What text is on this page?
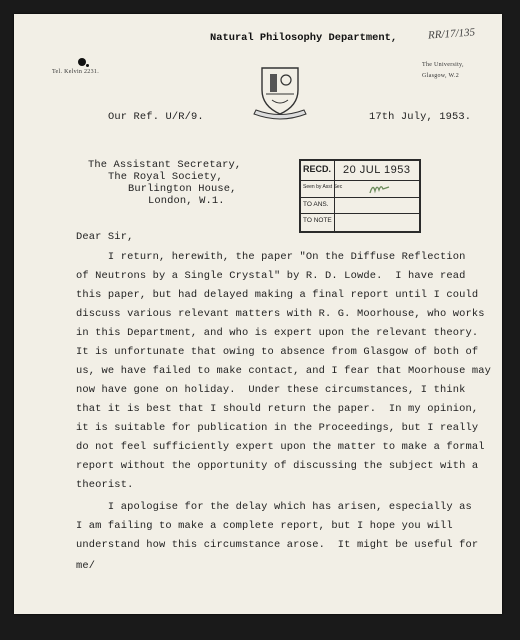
Natural Philosophy Department,	RR/17/135
Tel. Kelvin 2231.
The University,
Glasgow, W.2
Our Ref. U/R/9.	17th July, 1953.
The Assistant Secretary,
The Royal Society,
Burlington House,
London, W.1.
RECD. 20 JUL 1953
Seen by Asst Sec
TO ANS.
TO NOTE
Dear Sir,
I return, herewith, the paper "On the Diffuse Reflection
of Neutrons by a Single Crystal" by R. D. Lowde.  I have read
this paper, but had delayed making a final report until I could
discuss various relevant matters with R. G. Moorhouse, who works
in this Department, and who is expert upon the relevant theory.
It is unfortunate that owing to absence from Glasgow of both of
us, we have failed to make contact, and I fear that Moorhouse may
now have gone on holiday.  Under these circumstances, I think
that it is best that I should return the paper.  In my opinion,
it is suitable for publication in the Proceedings, but I really
do not feel sufficiently expert upon the matter to make a formal
report without the opportunity of discussing the subject with a
theorist.
I apologise for the delay which has arisen, especially as
I am failing to make a complete report, but I hope you will
understand how this circumstance arose.  It might be useful for
me/
